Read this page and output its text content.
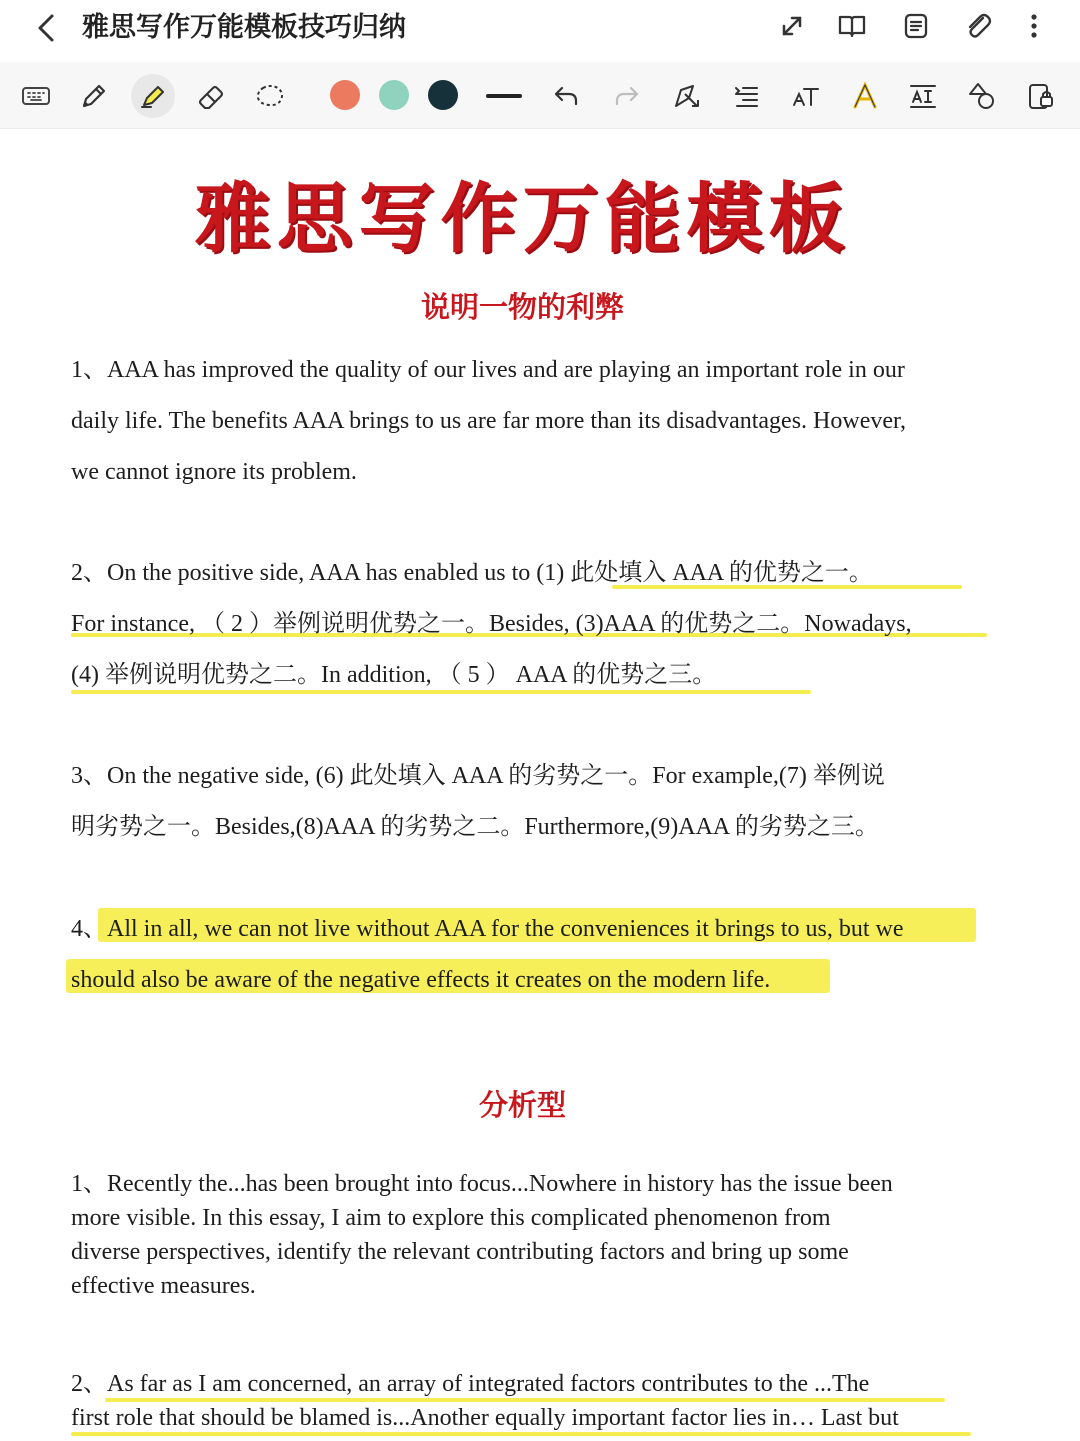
雅思写作万能模板技巧归纳
雅思写作万能模板
说明一物的利弊
1、AAA has improved the quality of our lives and are playing an important role in our
daily life. The benefits AAA brings to us are far more than its disadvantages. However,
we cannot ignore its problem.
2、On the positive side, AAA has enabled us to (1) 此处填入 AAA 的优势之一。
For instance, （ 2 ）举例说明优势之一。Besides, (3)AAA 的优势之二。Nowadays,
(4) 举例说明优势之二。In addition, （ 5 ） AAA 的优势之三。
3、On the negative side, (6) 此处填入 AAA 的劣势之一。For example,(7) 举例说
明劣势之一。Besides,(8)AAA 的劣势之二。Furthermore,(9)AAA 的劣势之三。
4、All in all, we can not live without AAA for the conveniences it brings to us, but we
should also be aware of the negative effects it creates on the modern life.
分析型
1、Recently the...has been brought into focus...Nowhere in history has the issue been
more visible. In this essay, I aim to explore this complicated phenomenon from
diverse perspectives, identify the relevant contributing factors and bring up some
effective measures.
2、As far as I am concerned, an array of integrated factors contributes to the ...The
first role that should be blamed is...Another equally important factor lies in… Last but
